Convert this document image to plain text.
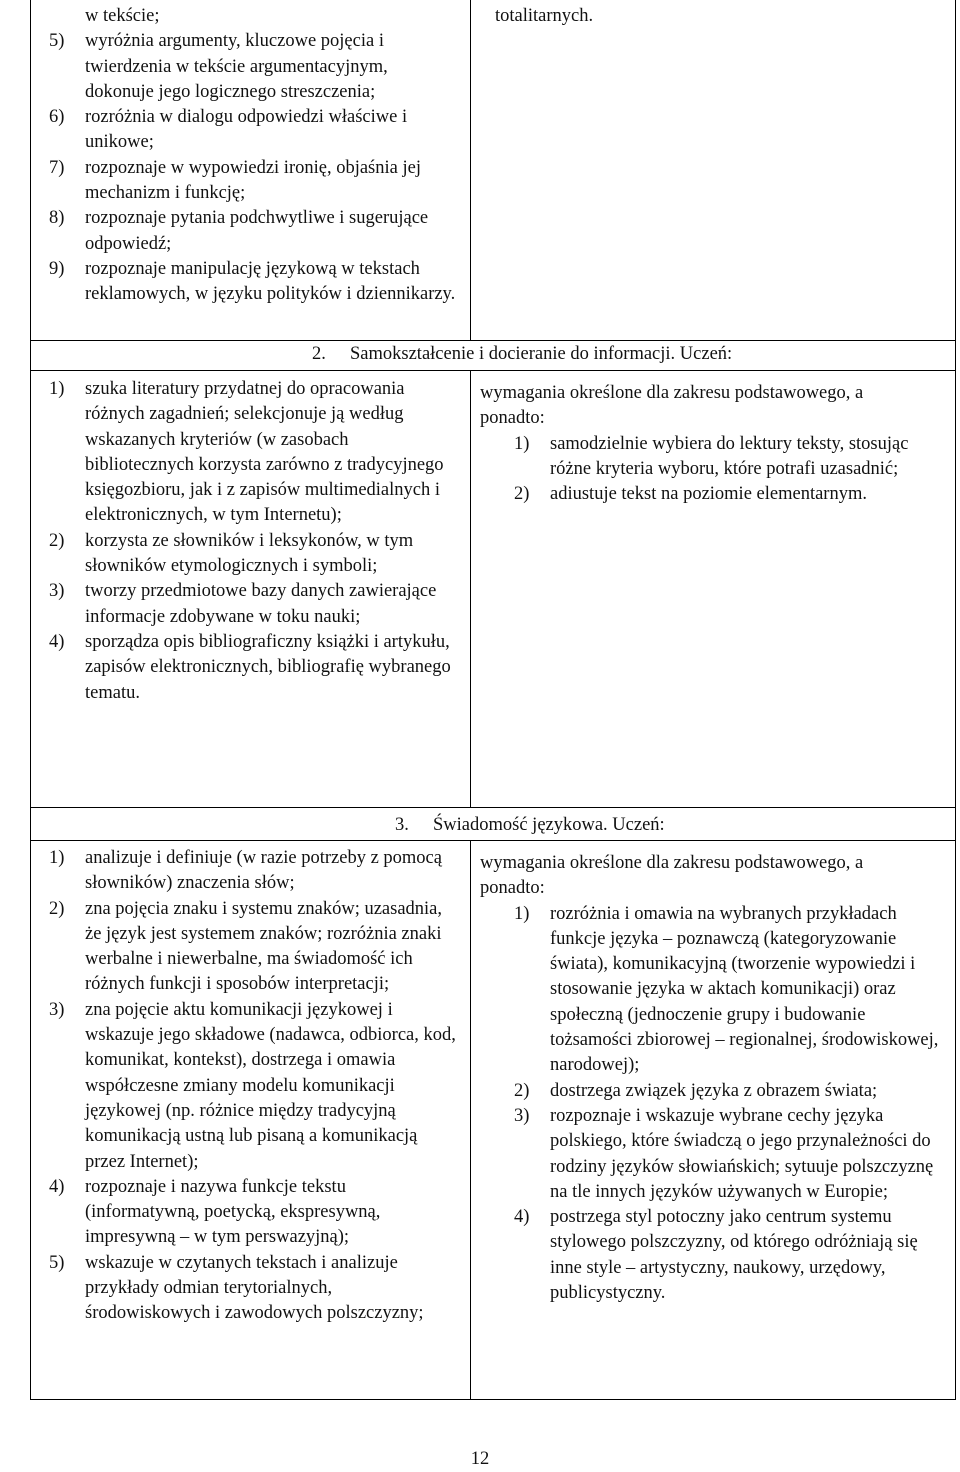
w tekście;
5) wyróżnia argumenty, kluczowe pojęcia i twierdzenia w tekście argumentacyjnym, dokonuje jego logicznego streszczenia;
6) rozróżnia w dialogu odpowiedzi właściwe i unikowe;
7) rozpoznaje w wypowiedzi ironię, objaśnia jej mechanizm i funkcję;
8) rozpoznaje pytania podchwytliwe i sugerujące odpowiedź;
9) rozpoznaje manipulację językową w tekstach reklamowych, w języku polityków i dziennikarzy.
totalitarnych.
2. Samokształcenie i docieranie do informacji. Uczeń:
1) szuka literatury przydatnej do opracowania różnych zagadnień; selekcjonuje ją według wskazanych kryteriów (w zasobach bibliotecznych korzysta zarówno z tradycyjnego księgozbioru, jak i z zapisów multimedialnych i elektronicznych, w tym Internetu);
2) korzysta ze słowników i leksykonów, w tym słowników etymologicznych i symboli;
3) tworzy przedmiotowe bazy danych zawierające informacje zdobywane w toku nauki;
4) sporządza opis bibliograficzny książki i artykułu, zapisów elektronicznych, bibliografię wybranego tematu.
wymagania określone dla zakresu podstawowego, a ponadto:
1) samodzielnie wybiera do lektury teksty, stosując różne kryteria wyboru, które potrafi uzasadnić;
2) adiustuje tekst na poziomie elementarnym.
3. Świadomość językowa. Uczeń:
1) analizuje i definiuje (w razie potrzeby z pomocą słowników) znaczenia słów;
2) zna pojęcia znaku i systemu znaków; uzasadnia, że język jest systemem znaków; rozróżnia znaki werbalne i niewerbalne, ma świadomość ich różnych funkcji i sposobów interpretacji;
3) zna pojęcie aktu komunikacji językowej i wskazuje jego składowe (nadawca, odbiorca, kod, komunikat, kontekst), dostrzega i omawia współczesne zmiany modelu komunikacji językowej (np. różnice między tradycyjną komunikacją ustną lub pisaną a komunikacją przez Internet);
4) rozpoznaje i nazywa funkcje tekstu (informatywną, poetycką, ekspresywną, impresywną – w tym perswazyjną);
5) wskazuje w czytanych tekstach i analizuje przykłady odmian terytorialnych, środowiskowych i zawodowych polszczyzny;
wymagania określone dla zakresu podstawowego, a ponadto:
1) rozróżnia i omawia na wybranych przykładach funkcje języka – poznawczą (kategoryzowanie świata), komunikacyjną (tworzenie wypowiedzi i stosowanie języka w aktach komunikacji) oraz społeczną (jednoczenie grupy i budowanie tożsamości zbiorowej – regionalnej, środowiskowej, narodowej);
2) dostrzega związek języka z obrazem świata;
3) rozpoznaje i wskazuje wybrane cechy języka polskiego, które świadczą o jego przynależności do rodziny języków słowiańskich; sytuuje polszczyznę na tle innych języków używanych w Europie;
4) postrzega styl potoczny jako centrum systemu stylowego polszczyzny, od którego odróżniają się inne style – artystyczny, naukowy, urzędowy, publicystyczny.
12
